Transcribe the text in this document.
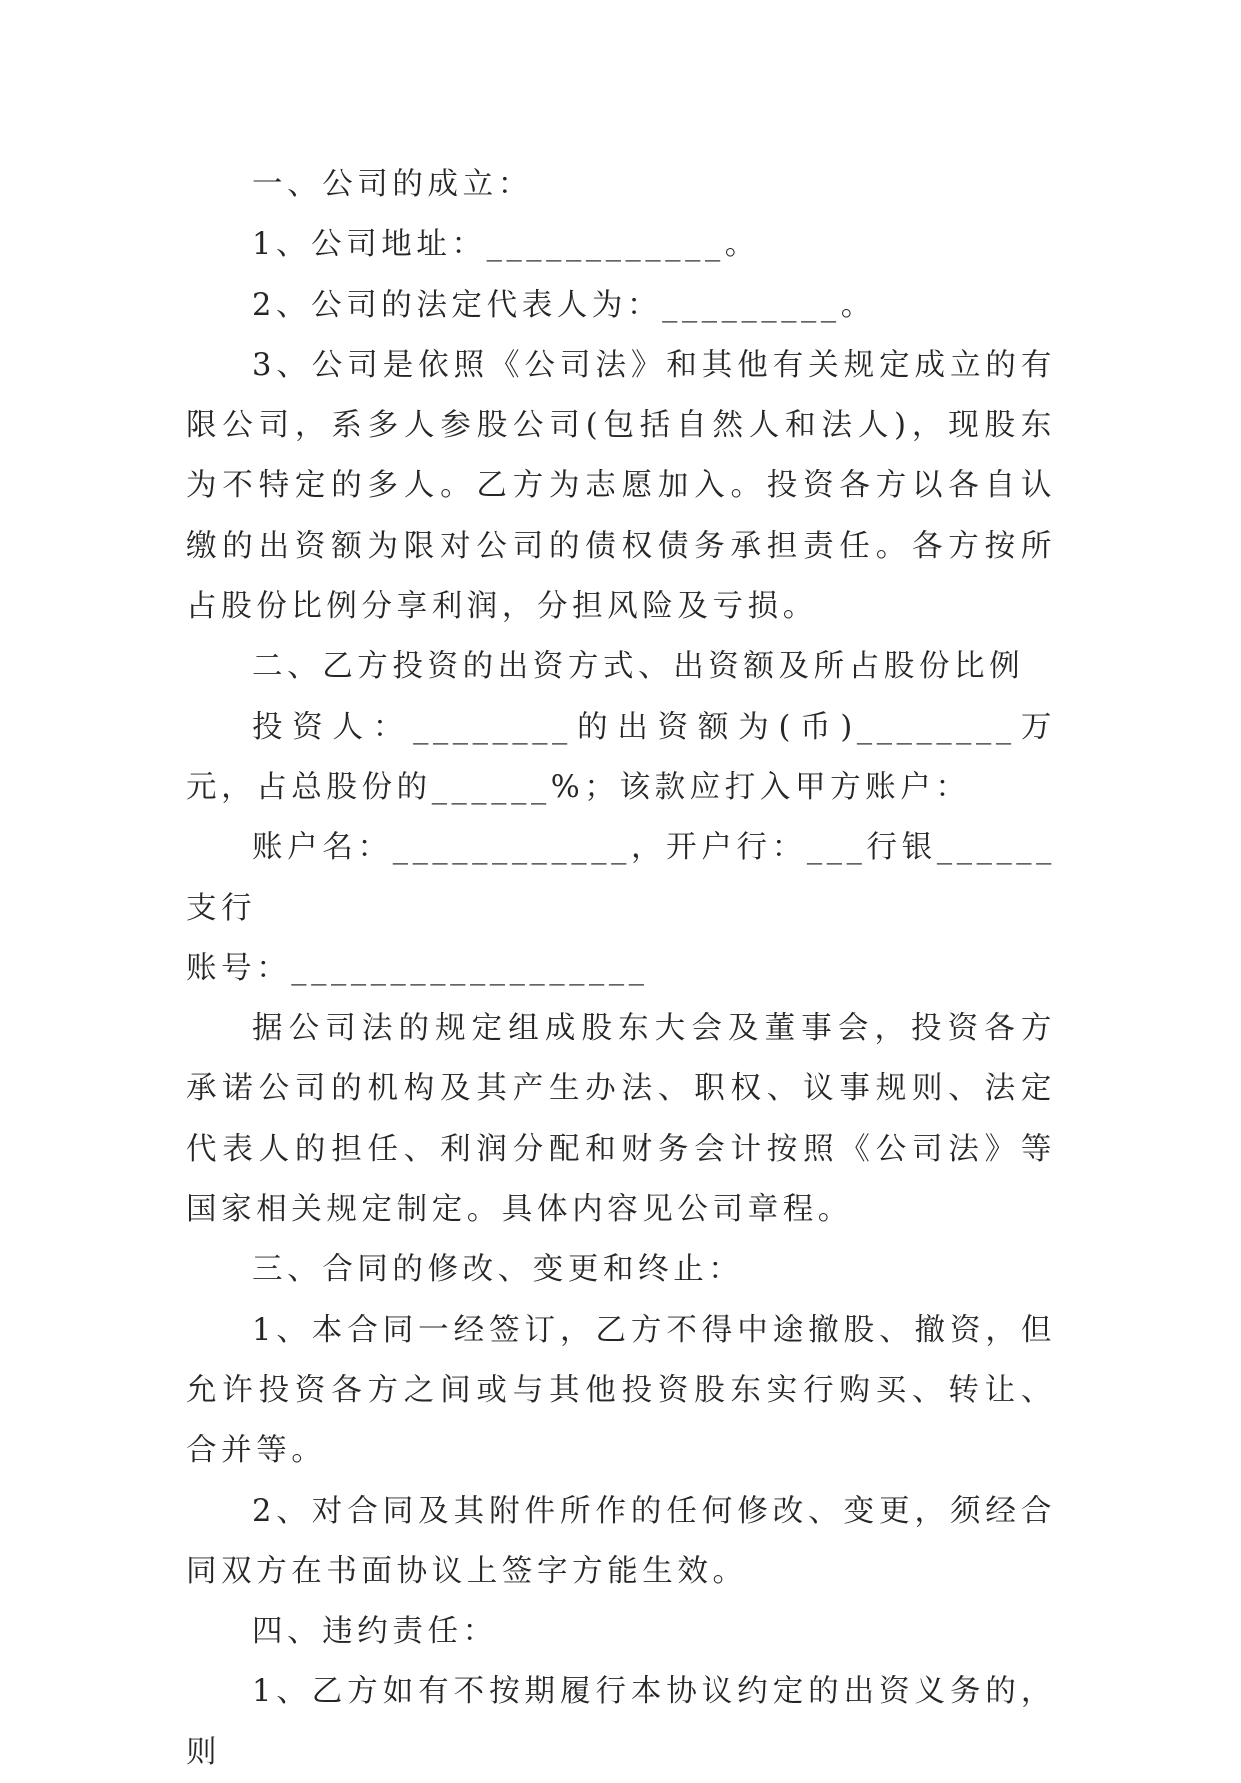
一、公司的成立：

1、公司地址：____________。

2、公司的法定代表人为：_________。

3、公司是依照《公司法》和其他有关规定成立的有限公司，系多人参股公司(包括自然人和法人)，现股东为不特定的多人。乙方为志愿加入。投资各方以各自认缴的出资额为限对公司的债权债务承担责任。各方按所占股份比例分享利润，分担风险及亏损。

二、乙方投资的出资方式、出资额及所占股份比例

投资人：________的出资额为(币)________万元，占总股份的______%；该款应打入甲方账户：

账户名：____________，开户行：___行银______支行

账号：__________________

据公司法的规定组成股东大会及董事会，投资各方承诺公司的机构及其产生办法、职权、议事规则、法定代表人的担任、利润分配和财务会计按照《公司法》等国家相关规定制定。具体内容见公司章程。

三、合同的修改、变更和终止：

1、本合同一经签订，乙方不得中途撤股、撤资，但允许投资各方之间或与其他投资股东实行购买、转让、合并等。

2、对合同及其附件所作的任何修改、变更，须经合同双方在书面协议上签字方能生效。

四、违约责任：

1、乙方如有不按期履行本协议约定的出资义务的，则
